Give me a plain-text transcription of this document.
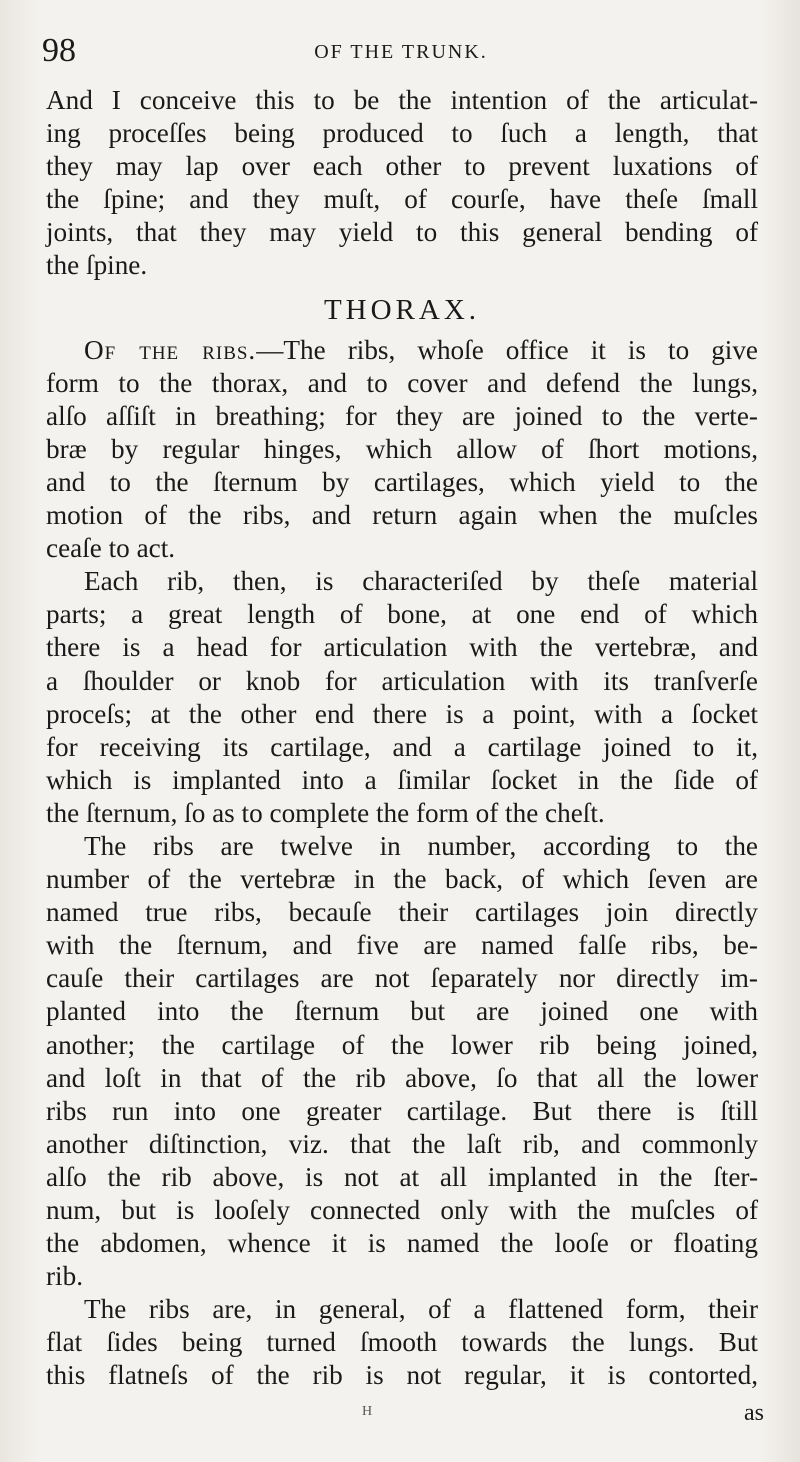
98	OF THE TRUNK.
And I conceive this to be the intention of the articulat-
ing proceſſes being produced to ſuch a length, that
they may lap over each other to prevent luxations of
the ſpine; and they muſt, of courſe, have theſe ſmall
joints, that they may yield to this general bending of
the ſpine.
THORAX.
Of the ribs.—The ribs, whoſe office it is to give
form to the thorax, and to cover and defend the lungs,
alſo aſſiſt in breathing; for they are joined to the verte-
bræ by regular hinges, which allow of ſhort motions,
and to the ſternum by cartilages, which yield to the
motion of the ribs, and return again when the muſcles
ceaſe to act.
Each rib, then, is characteriſed by theſe material
parts; a great length of bone, at one end of which
there is a head for articulation with the vertebræ, and
a ſhoulder or knob for articulation with its tranſverſe
proceſs; at the other end there is a point, with a ſocket
for receiving its cartilage, and a cartilage joined to it,
which is implanted into a ſimilar ſocket in the ſide of
the ſternum, ſo as to complete the form of the cheſt.
The ribs are twelve in number, according to the
number of the vertebræ in the back, of which ſeven are
named true ribs, becauſe their cartilages join directly
with the ſternum, and five are named falſe ribs, be-
cauſe their cartilages are not ſeparately nor directly im-
planted into the ſternum but are joined one with
another; the cartilage of the lower rib being joined,
and loſt in that of the rib above, ſo that all the lower
ribs run into one greater cartilage. But there is ſtill
another diſtinction, viz. that the laſt rib, and commonly
alſo the rib above, is not at all implanted in the ſter-
num, but is looſely connected only with the muſcles of
the abdomen, whence it is named the looſe or floating
rib.
The ribs are, in general, of a flattened form, their
flat ſides being turned ſmooth towards the lungs. But
this flatneſs of the rib is not regular, it is contorted,
H	as
